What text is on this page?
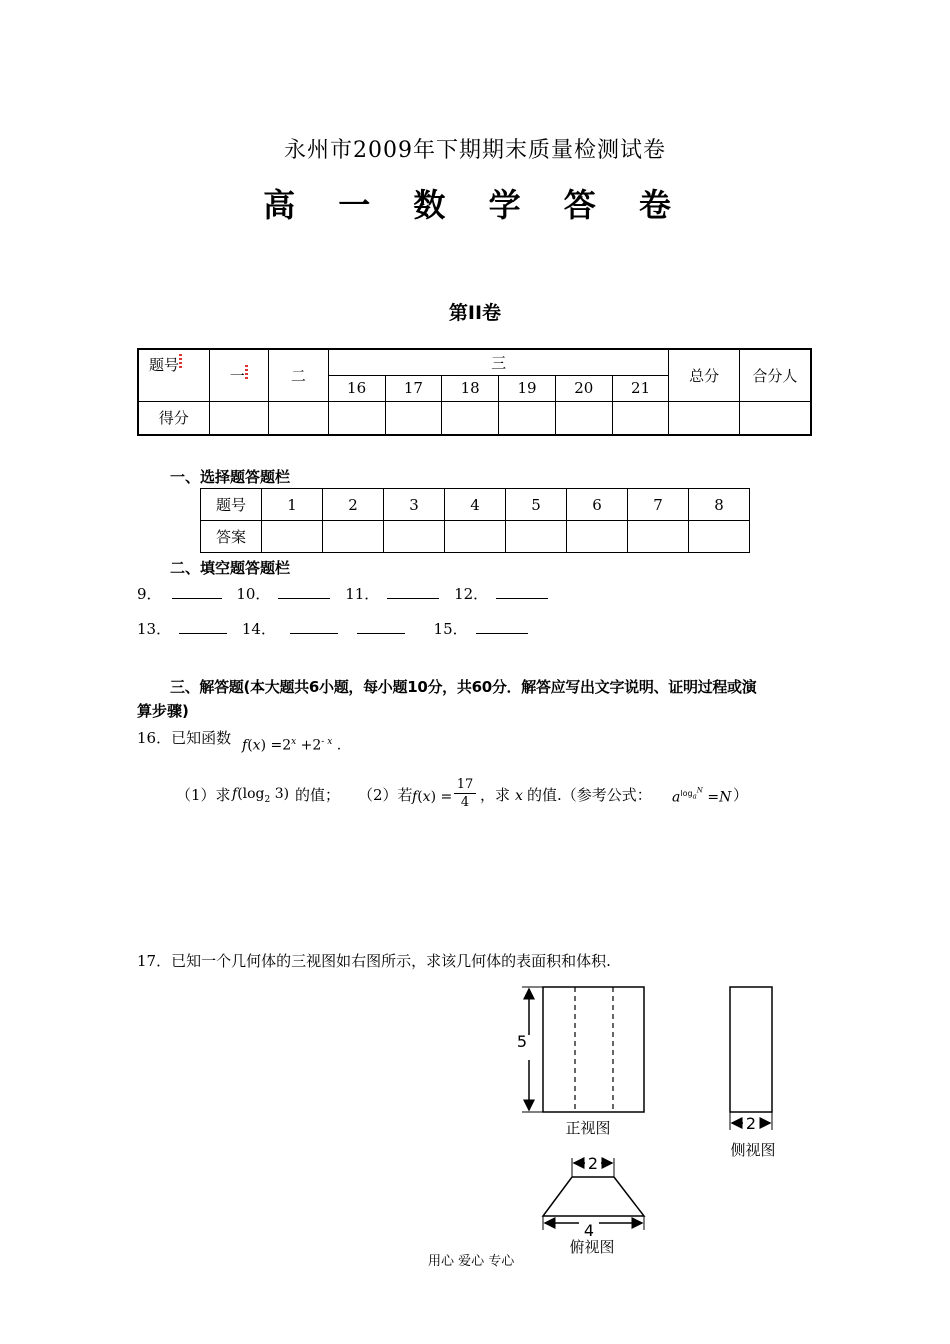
永州市2009年下期期末质量检测试卷
高 一 数 学 答 卷
第II卷
题号	一	二	三						总分	合分人
			16	17	18	19	20	21		
得分										
一、选择题答题栏
题号	1	2	3	4	5	6	7	8
答案								
二、填空题答题栏
9．	10．	11．	12．
13．	14．	15．
三、解答题(本大题共6小题，每小题10分，共60分．解答应写出文字说明、证明过程或演
算步骤)
16．已知函数 $f(x) =2^x +2^{- x}$ .
（1）求 $f(\log_2$ 3) 的值； （2）若 $f(x) = \frac{17}{4}$ ，求 x 的值.（参考公式： $a^{log_a^N} =N$ ）
17．已知一个几何体的三视图如右图所示，求该几何体的表面积和体积.
5
正视图	2
侧视图
2
4
俯视图
用心 爱心 专心
